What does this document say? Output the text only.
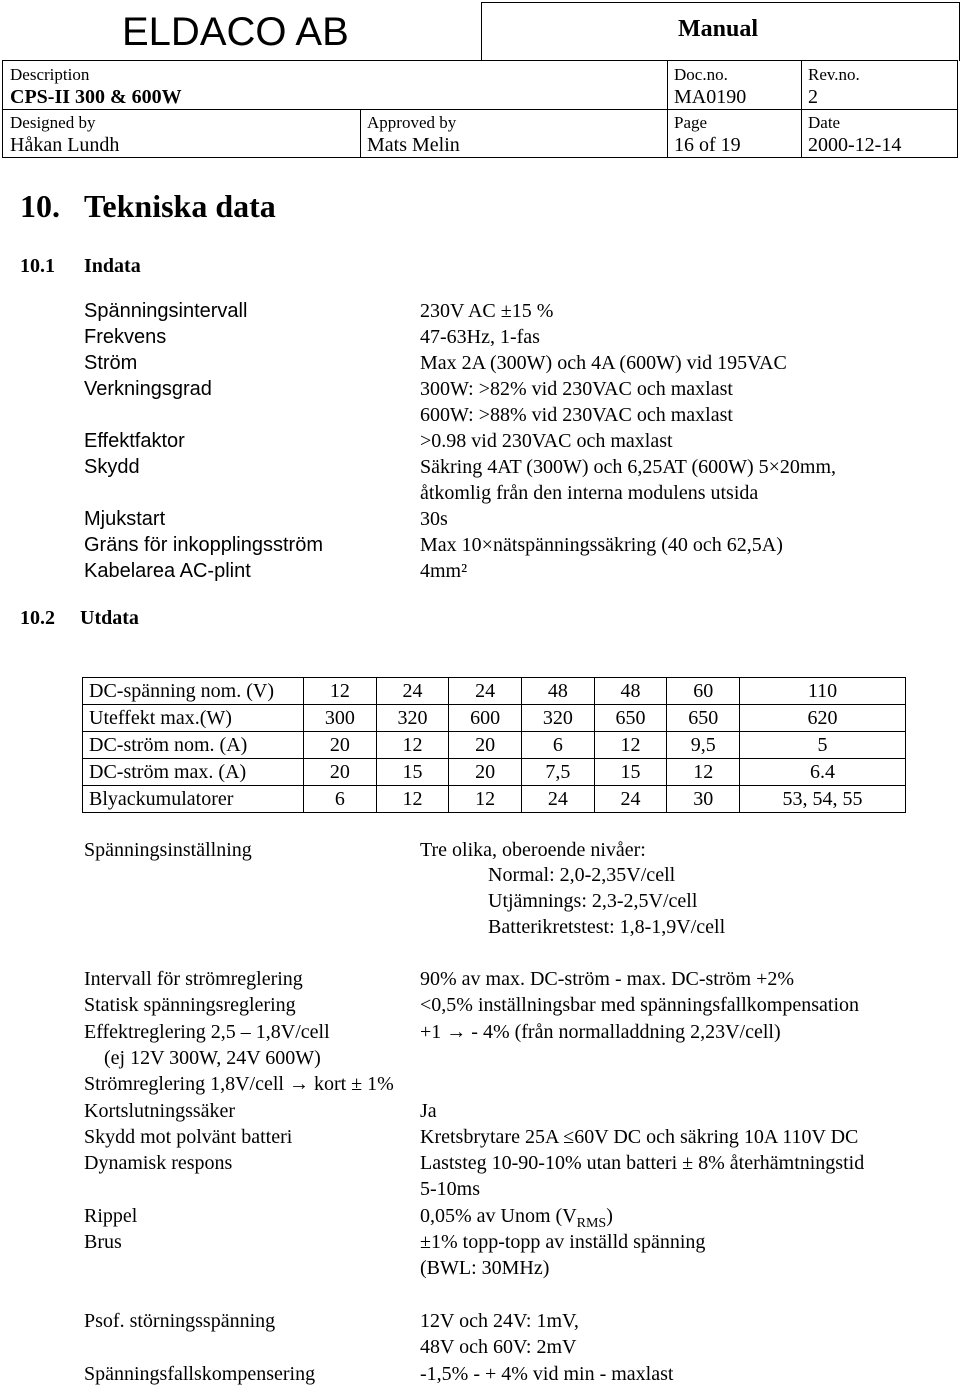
ELDACO AB	Manual
Description
CPS-II 300 & 600W
Doc.no.
MA0190
Rev.no.
2
Designed by
Håkan Lundh
Approved by
Mats Melin
Page
16 of 19
Date
2000-12-14
10. Tekniska data
10.1 Indata
Spänningsintervall	230V AC ±15 %
Frekvens	47-63Hz, 1-fas
Ström	Max 2A (300W) och 4A (600W) vid 195VAC
Verkningsgrad	300W: >82% vid 230VAC och maxlast
600W: >88% vid 230VAC och maxlast
Effektfaktor	>0.98 vid 230VAC och maxlast
Skydd	Säkring 4AT (300W) och 6,25AT (600W) 5×20mm,
åtkomlig från den interna modulens utsida
Mjukstart	30s
Gräns för inkopplingsström	Max 10×nätspänningssäkring (40 och 62,5A)
Kabelarea AC-plint	4mm²
10.2 Utdata
DC-spänning nom. (V)	12	24	24	48	48	60	110
Uteffekt max.(W)	300	320	600	320	650	650	620
DC-ström nom. (A)	20	12	20	6	12	9,5	5
DC-ström max. (A)	20	15	20	7,5	15	12	6.4
Blyackumulatorer	6	12	12	24	24	30	53, 54, 55
Spänningsinställning	Tre olika, oberoende nivåer:
Normal: 2,0-2,35V/cell
Utjämnings: 2,3-2,5V/cell
Batterikretstest: 1,8-1,9V/cell
Intervall för strömreglering	90% av max. DC-ström - max. DC-ström +2%
Statisk spänningsreglering	<0,5% inställningsbar med spänningsfallkompensation
Effektreglering 2,5 – 1,8V/cell	+1 → - 4% (från normalladdning 2,23V/cell)
(ej 12V 300W, 24V 600W)
Strömreglering 1,8V/cell → kort ± 1%
Kortslutningssäker	Ja
Skydd mot polvänt batteri	Kretsbrytare 25A ≤60V DC och säkring 10A 110V DC
Dynamisk respons	Laststeg 10-90-10% utan batteri ± 8% återhämtningstid
5-10ms
Rippel	0,05% av Unom $(V_{RMS})$
Brus	±1% topp-topp av inställd spänning
(BWL: 30MHz)
Psof. störningsspänning	12V och 24V: 1mV,
48V och 60V: 2mV
Spänningsfallskompensering	-1,5% - + 4% vid min - maxlast
